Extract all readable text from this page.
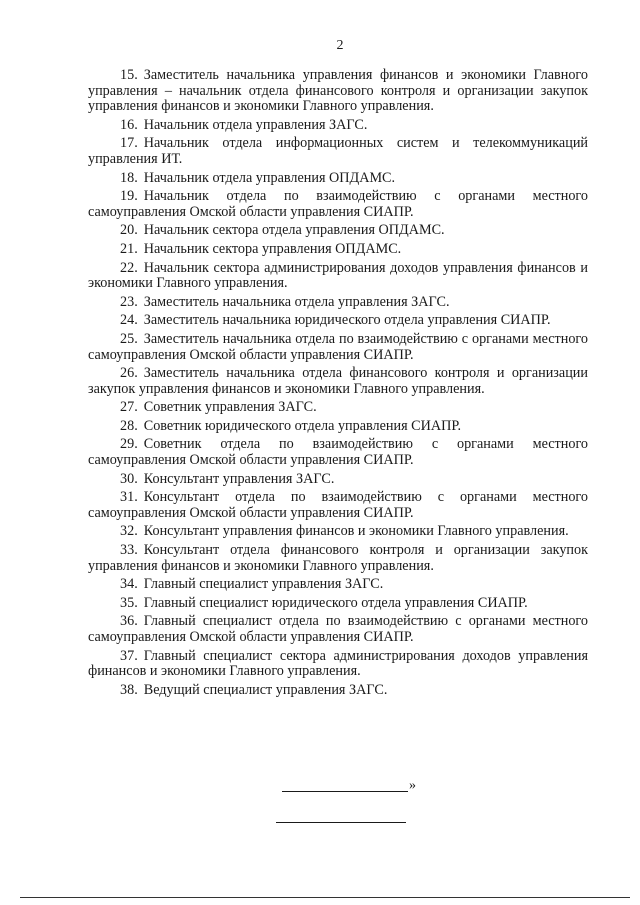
2

15. Заместитель начальника управления финансов и экономики Главного управления – начальник отдела финансового контроля и организации закупок управления финансов и экономики Главного управления.

16. Начальник отдела управления ЗАГС.

17. Начальник отдела информационных систем и телекоммуникаций управления ИТ.

18. Начальник отдела управления ОПДАМС.

19. Начальник отдела по взаимодействию с органами местного самоуправления Омской области управления СИАПР.

20. Начальник сектора отдела управления ОПДАМС.

21. Начальник сектора управления ОПДАМС.

22. Начальник сектора администрирования доходов управления финансов и экономики Главного управления.

23. Заместитель начальника отдела управления ЗАГС.

24. Заместитель начальника юридического отдела управления СИАПР.

25. Заместитель начальника отдела по взаимодействию с органами местного самоуправления Омской области управления СИАПР.

26. Заместитель начальника отдела финансового контроля и организации закупок управления финансов и экономики Главного управления.

27. Советник управления ЗАГС.

28. Советник юридического отдела управления СИАПР.

29. Советник отдела по взаимодействию с органами местного самоуправления Омской области управления СИАПР.

30. Консультант управления ЗАГС.

31. Консультант отдела по взаимодействию с органами местного самоуправления Омской области управления СИАПР.

32. Консультант управления финансов и экономики Главного управления.

33. Консультант отдела финансового контроля и организации закупок управления финансов и экономики Главного управления.

34. Главный специалист управления ЗАГС.

35. Главный специалист юридического отдела управления СИАПР.

36. Главный специалист отдела по взаимодействию с органами местного самоуправления Омской области управления СИАПР.

37. Главный специалист сектора администрирования доходов управления финансов и экономики Главного управления.

38. Ведущий специалист управления ЗАГС.

»
